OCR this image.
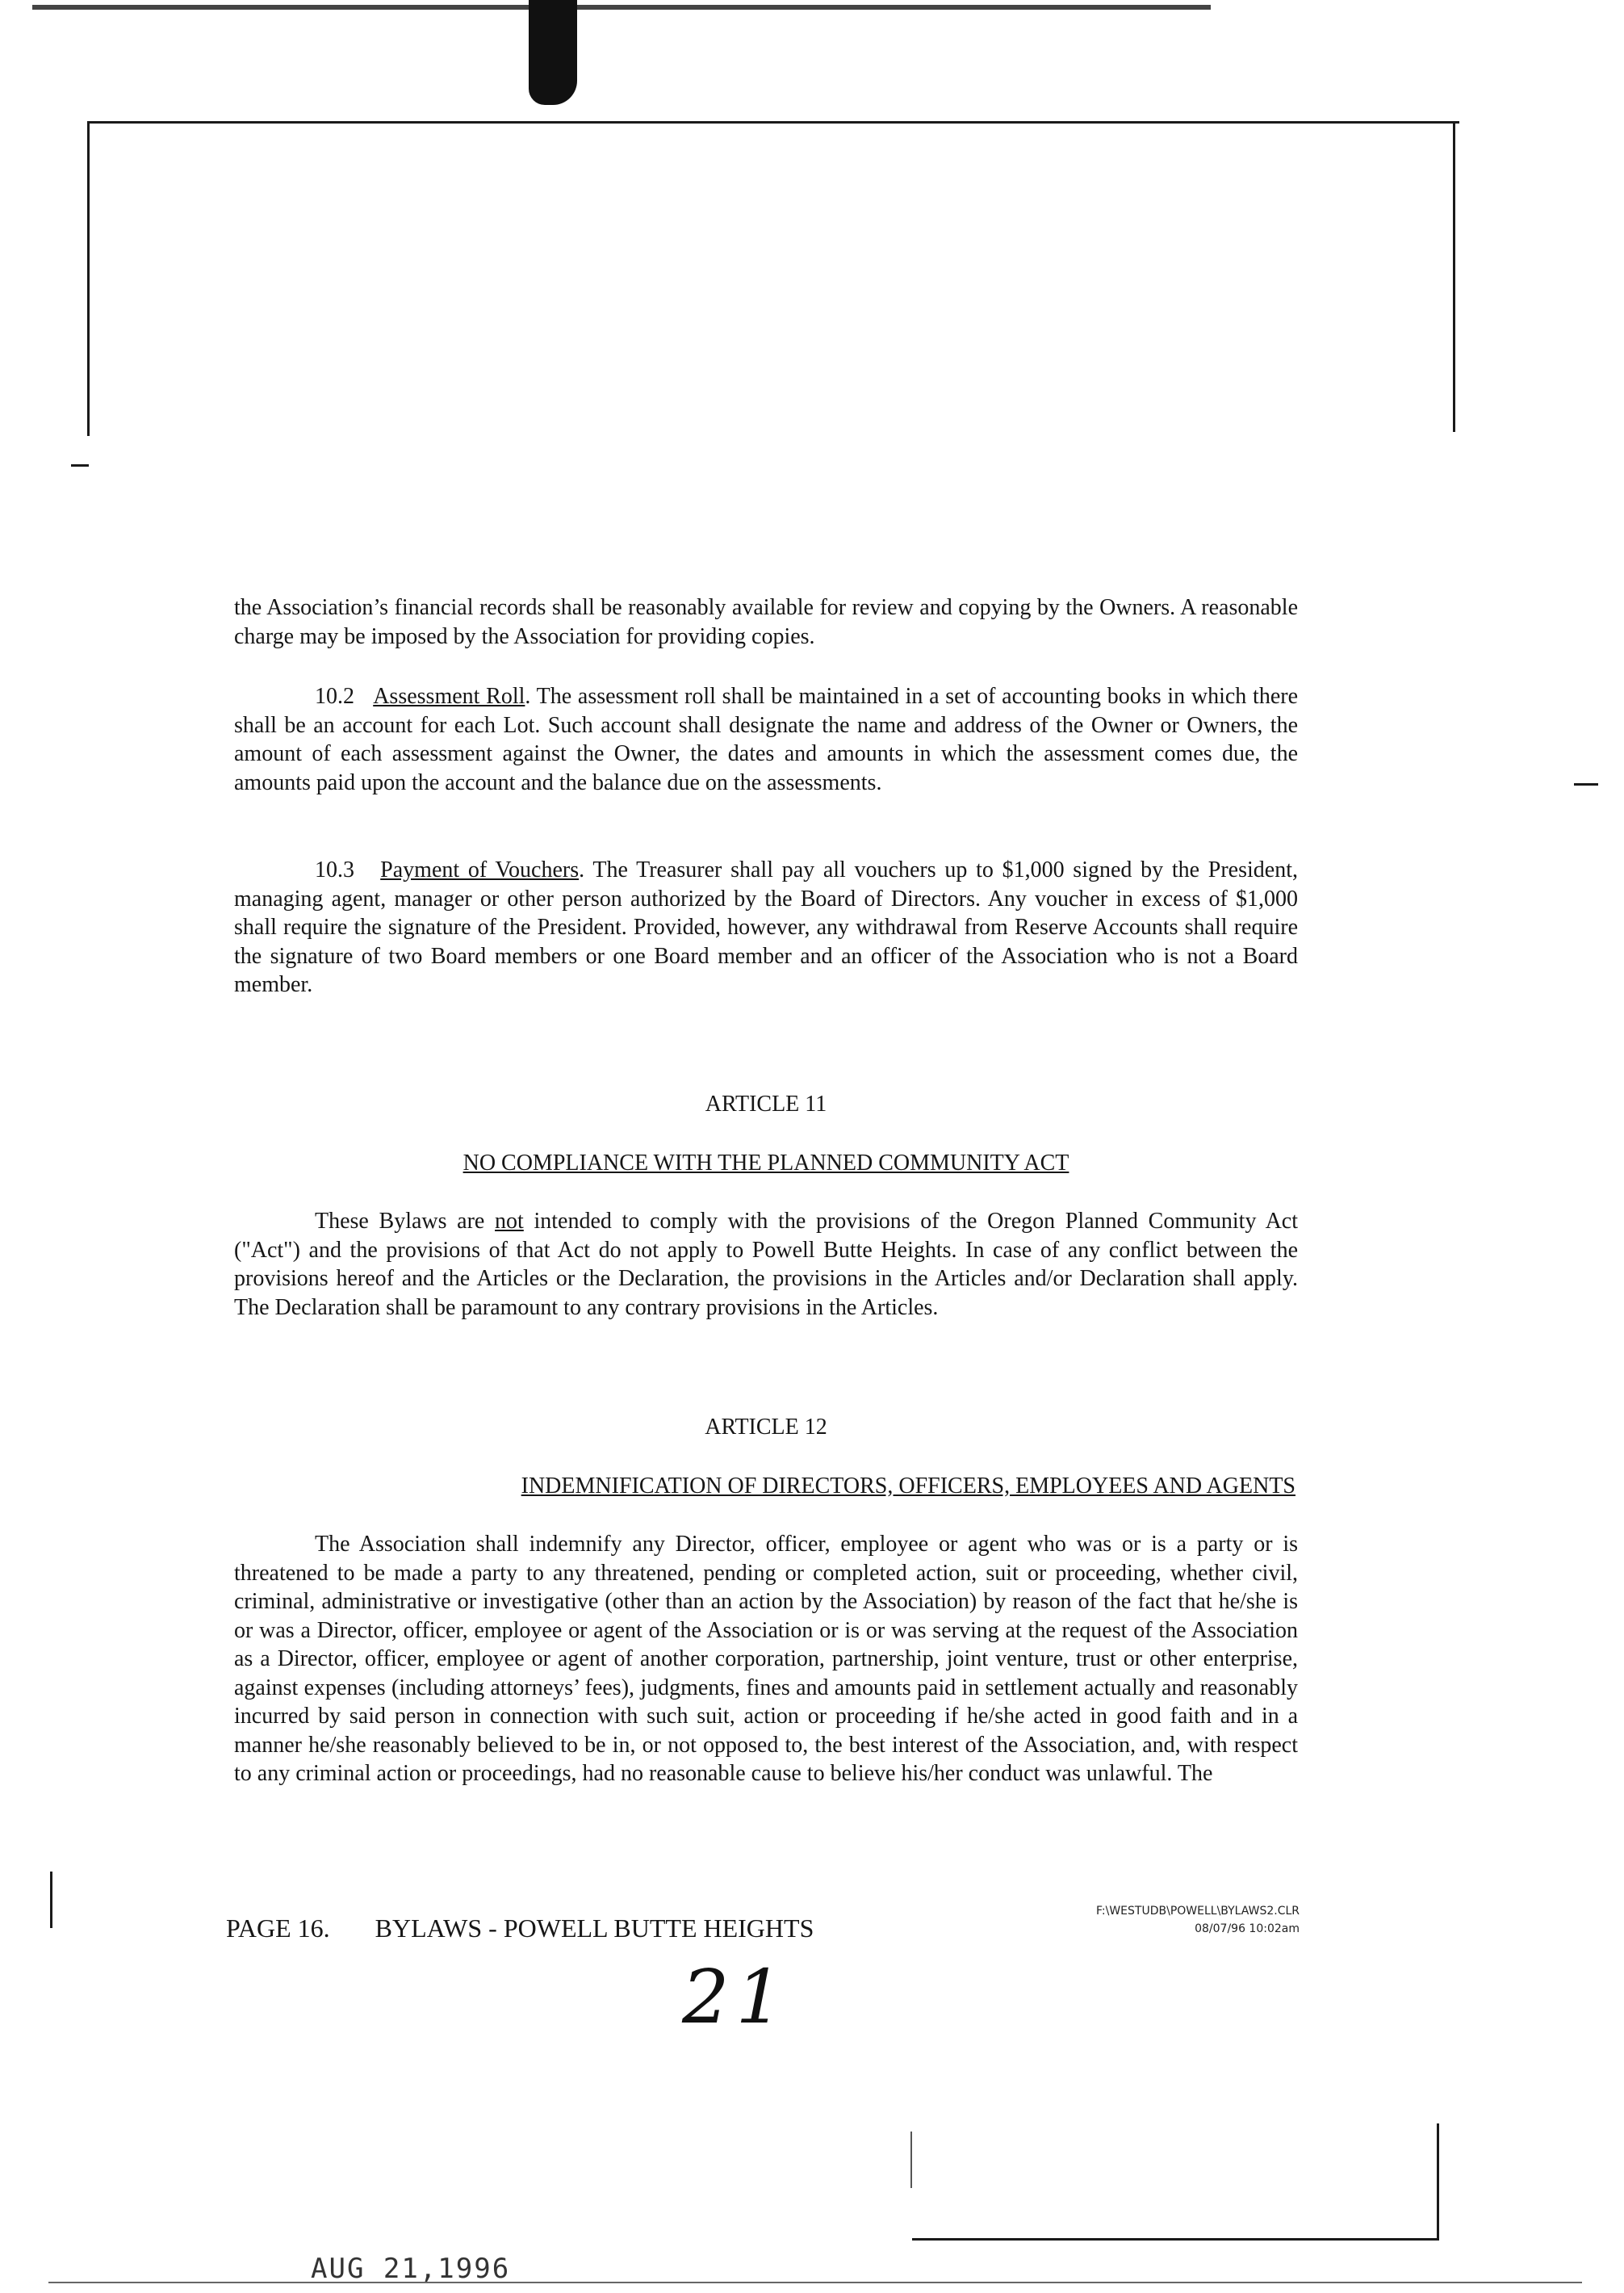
the Association’s financial records shall be reasonably available for review and copying by the Owners. A reasonable charge may be imposed by the Association for providing copies.

10.2 Assessment Roll. The assessment roll shall be maintained in a set of accounting books in which there shall be an account for each Lot. Such account shall designate the name and address of the Owner or Owners, the amount of each assessment against the Owner, the dates and amounts in which the assessment comes due, the amounts paid upon the account and the balance due on the assessments.

10.3 Payment of Vouchers. The Treasurer shall pay all vouchers up to $1,000 signed by the President, managing agent, manager or other person authorized by the Board of Directors. Any voucher in excess of $1,000 shall require the signature of the President. Provided, however, any withdrawal from Reserve Accounts shall require the signature of two Board members or one Board member and an officer of the Association who is not a Board member.

ARTICLE 11

NO COMPLIANCE WITH THE PLANNED COMMUNITY ACT

These Bylaws are not intended to comply with the provisions of the Oregon Planned Community Act ("Act") and the provisions of that Act do not apply to Powell Butte Heights. In case of any conflict between the provisions hereof and the Articles or the Declaration, the provisions in the Articles and/or Declaration shall apply. The Declaration shall be paramount to any contrary provisions in the Articles.

ARTICLE 12

INDEMNIFICATION OF DIRECTORS, OFFICERS, EMPLOYEES AND AGENTS

The Association shall indemnify any Director, officer, employee or agent who was or is a party or is threatened to be made a party to any threatened, pending or completed action, suit or proceeding, whether civil, criminal, administrative or investigative (other than an action by the Association) by reason of the fact that he/she is or was a Director, officer, employee or agent of the Association or is or was serving at the request of the Association as a Director, officer, employee or agent of another corporation, partnership, joint venture, trust or other enterprise, against expenses (including attorneys’ fees), judgments, fines and amounts paid in settlement actually and reasonably incurred by said person in connection with such suit, action or proceeding if he/she acted in good faith and in a manner he/she reasonably believed to be in, or not opposed to, the best interest of the Association, and, with respect to any criminal action or proceedings, had no reasonable cause to believe his/her conduct was unlawful. The

PAGE 16. BYLAWS - POWELL BUTTE HEIGHTS
F:\WESTUDB\POWELL\BYLAWS2.CLR
08/07/96 10:02am
21
AUG 21,1996
